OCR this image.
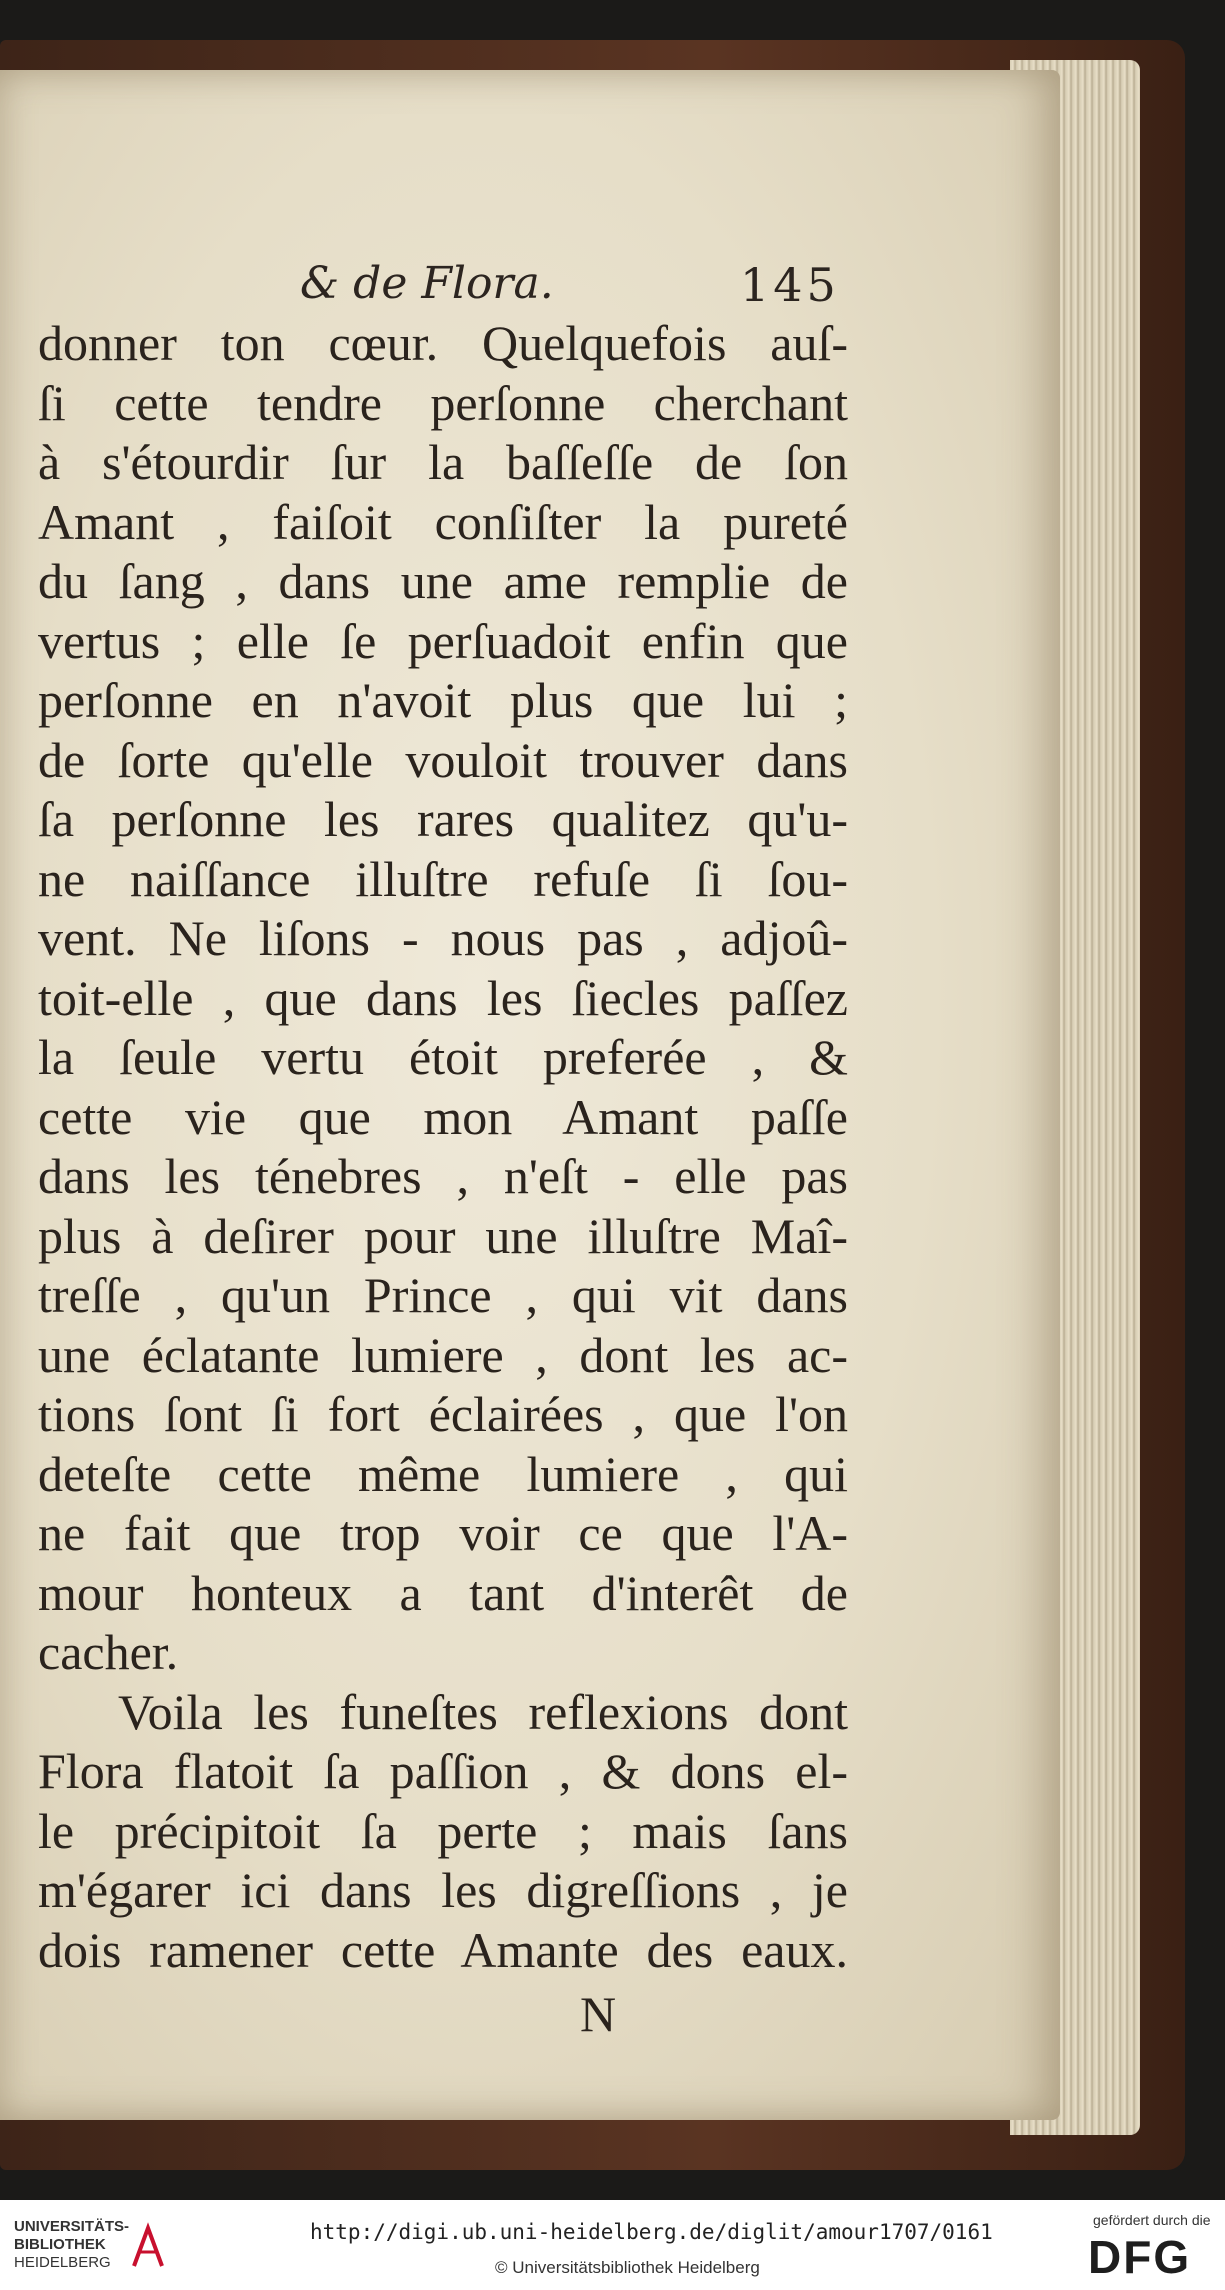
& de Flora.	145
donner ton cœur. Quelquefois auſ-
ſi cette tendre perſonne cherchant
à s'étourdir ſur la baſſeſſe de ſon
Amant , faiſoit conſiſter la pureté
du ſang , dans une ame remplie de
vertus ; elle ſe perſuadoit enfin que
perſonne en n'avoit plus que lui ;
de ſorte qu'elle vouloit trouver dans
ſa perſonne les rares qualitez qu'u-
ne naiſſance illuſtre refuſe ſi ſou-
vent. Ne liſons - nous pas , adjoû-
toit-elle , que dans les ſiecles paſſez
la ſeule vertu étoit preferée , &
cette vie que mon Amant paſſe
dans les ténebres , n'eſt - elle pas
plus à deſirer pour une illuſtre Maî-
treſſe , qu'un Prince , qui vit dans
une éclatante lumiere , dont les ac-
tions ſont ſi fort éclairées , que l'on
deteſte cette même lumiere , qui
ne fait que trop voir ce que l'A-
mour honteux a tant d'interêt de
cacher.
Voila les funeſtes reflexions dont
Flora flatoit ſa paſſion , & dons el-
le précipitoit ſa perte ; mais ſans
m'égarer ici dans les digreſſions , je
dois ramener cette Amante des eaux.
N
UNIVERSITÄTS-
BIBLIOTHEK
HEIDELBERG
http://digi.ub.uni-heidelberg.de/diglit/amour1707/0161
© Universitätsbibliothek Heidelberg
gefördert durch die
DFG
